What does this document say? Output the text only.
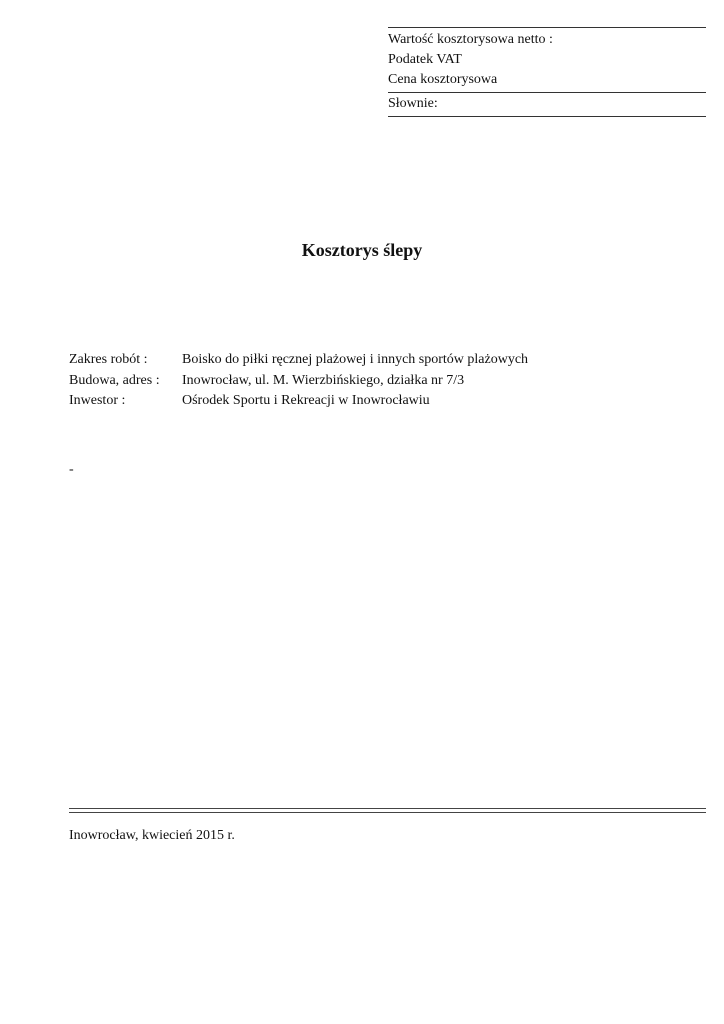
Wartość kosztorysowa netto :
Podatek VAT
Cena kosztorysowa
Słownie:
Kosztorys ślepy
Zakres robót :	Boisko do piłki ręcznej plażowej i innych sportów plażowych
Budowa, adres :	Inowrocław, ul. M. Wierzbińskiego, działka nr 7/3
Inwestor :	Ośrodek Sportu i Rekreacji w Inowrocławiu
-
Inowrocław, kwiecień 2015 r.
